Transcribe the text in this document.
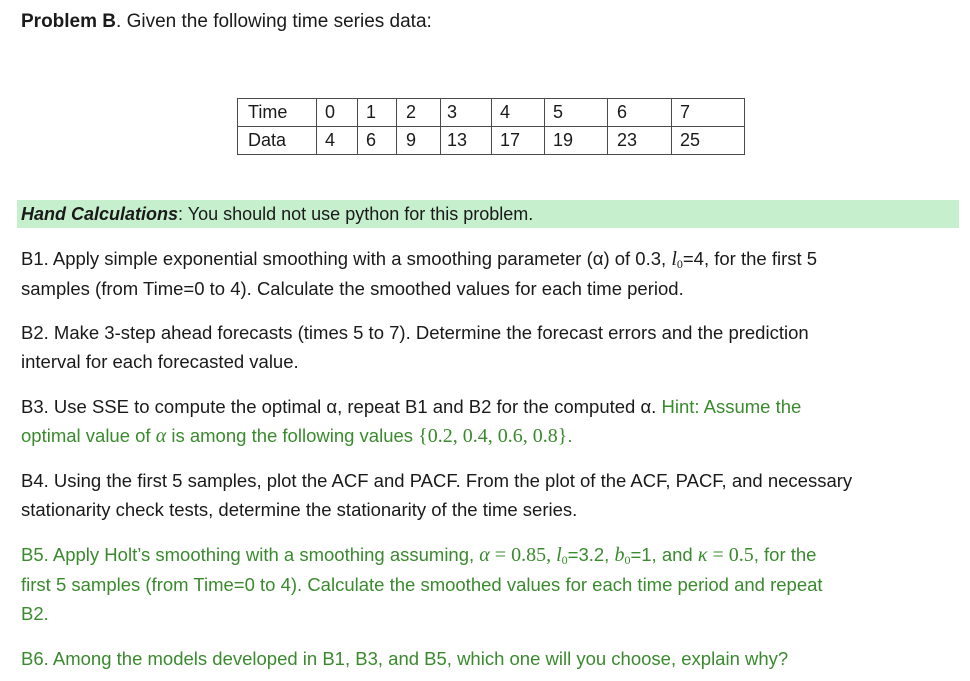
Problem B. Given the following time series data:
Time	0	1	2	3	4	5	6	7
Data	4	6	9	13	17	19	23	25
Hand Calculations: You should not use python for this problem.
B1. Apply simple exponential smoothing with a smoothing parameter (α) of 0.3, $l_0=4$, for the first 5
samples (from Time=0 to 4). Calculate the smoothed values for each time period.
B2. Make 3-step ahead forecasts (times 5 to 7). Determine the forecast errors and the prediction
interval for each forecasted value.
B3. Use SSE to compute the optimal α, repeat B1 and B2 for the computed α. Hint: Assume the
optimal value of α is among the following values {0.2, 0.4, 0.6, 0.8}.
B4. Using the first 5 samples, plot the ACF and PACF. From the plot of the ACF, PACF, and necessary
stationarity check tests, determine the stationarity of the time series.
B5. Apply Holt’s smoothing with a smoothing assuming, α = 0.85, $l_0=3.2$, $b_0=1$, and κ = 0.5, for the
first 5 samples (from Time=0 to 4). Calculate the smoothed values for each time period and repeat
B2.
B6. Among the models developed in B1, B3, and B5, which one will you choose, explain why?
